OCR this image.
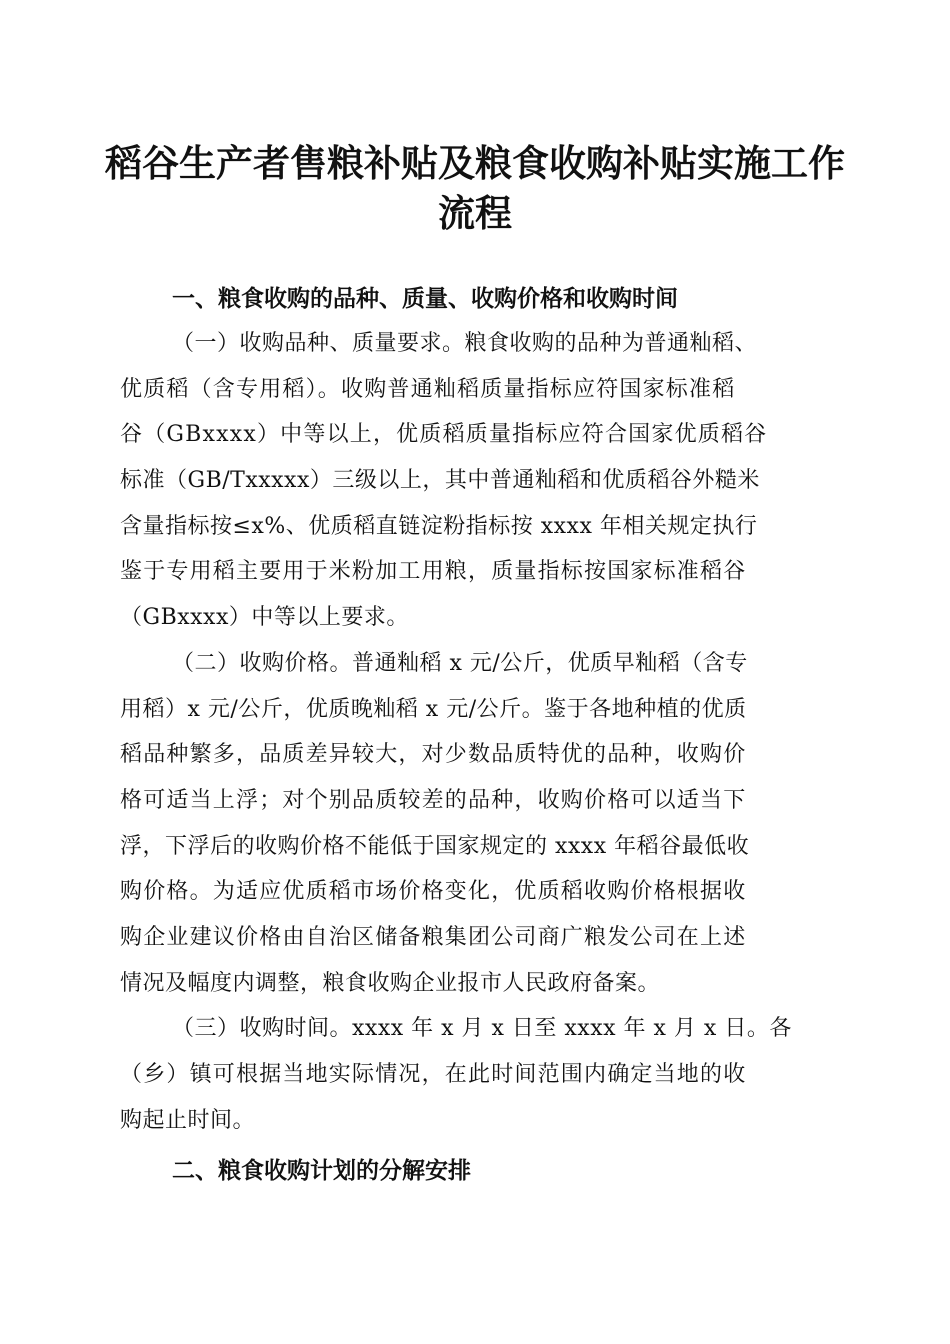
稻谷生产者售粮补贴及粮食收购补贴实施工作
流程
一、粮食收购的品种、质量、收购价格和收购时间

（一）收购品种、质量要求。粮食收购的品种为普通籼稻、
优质稻（含专用稻）。收购普通籼稻质量指标应符国家标准稻
谷（GBxxxx）中等以上，优质稻质量指标应符合国家优质稻谷
标准（GB/Txxxxx）三级以上，其中普通籼稻和优质稻谷外糙米
含量指标按≤x%、优质稻直链淀粉指标按 xxxx 年相关规定执行
鉴于专用稻主要用于米粉加工用粮，质量指标按国家标准稻谷
（GBxxxx）中等以上要求。

（二）收购价格。普通籼稻 x 元/公斤，优质早籼稻（含专
用稻）x 元/公斤，优质晚籼稻 x 元/公斤。鉴于各地种植的优质
稻品种繁多，品质差异较大，对少数品质特优的品种，收购价
格可适当上浮；对个别品质较差的品种，收购价格可以适当下
浮，下浮后的收购价格不能低于国家规定的 xxxx 年稻谷最低收
购价格。为适应优质稻市场价格变化，优质稻收购价格根据收
购企业建议价格由自治区储备粮集团公司商广粮发公司在上述
情况及幅度内调整，粮食收购企业报市人民政府备案。

（三）收购时间。xxxx 年 x 月 x 日至 xxxx 年 x 月 x 日。各
（乡）镇可根据当地实际情况，在此时间范围内确定当地的收
购起止时间。

二、粮食收购计划的分解安排
